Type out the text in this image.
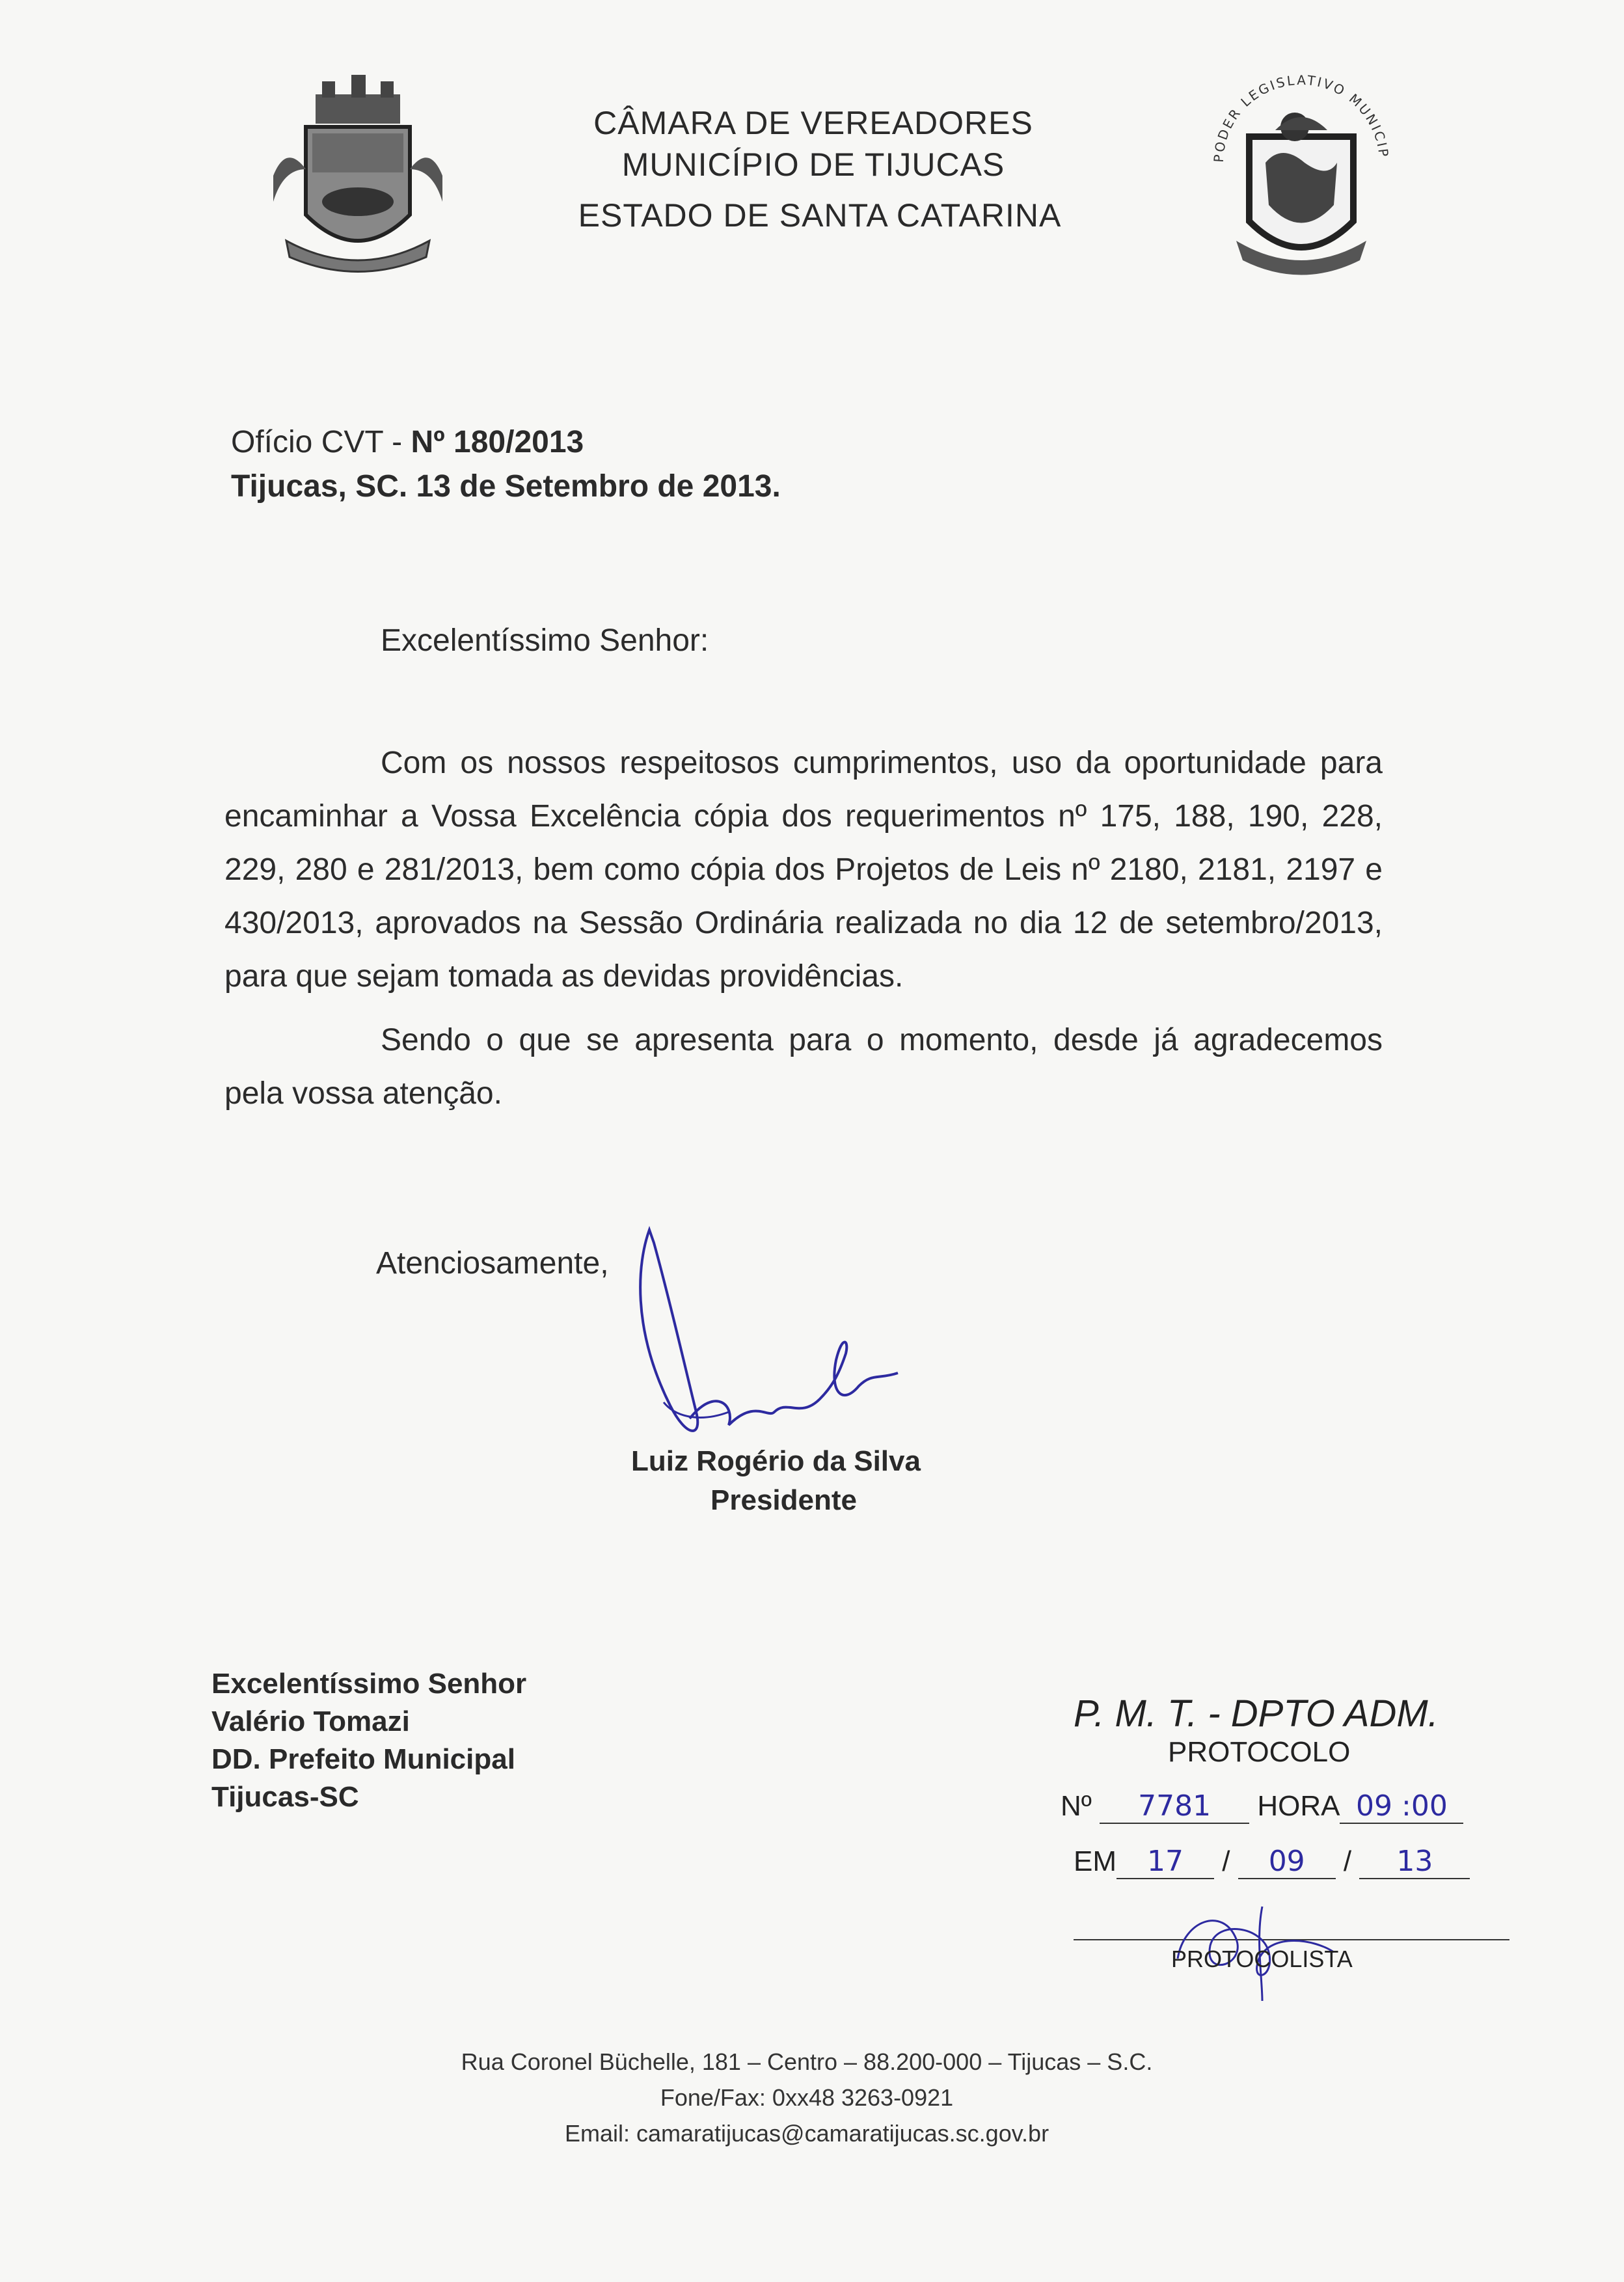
CÂMARA DE VEREADORES
MUNICÍPIO DE TIJUCAS
ESTADO DE SANTA CATARINA
PODER LEGISLATIVO MUNICIP
Ofício CVT - Nº 180/2013
Tijucas, SC. 13 de Setembro de 2013.
Excelentíssimo Senhor:
Com os nossos respeitosos cumprimentos, uso da oportunidade para encaminhar a Vossa Excelência cópia dos requerimentos nº 175, 188, 190, 228, 229, 280 e 281/2013, bem como cópia dos Projetos de Leis nº 2180, 2181, 2197 e 430/2013, aprovados na Sessão Ordinária realizada no dia 12 de setembro/2013, para que sejam tomada as devidas providências.
Sendo o que se apresenta para o momento, desde já agradecemos pela vossa atenção.
Atenciosamente,
Luiz Rogério da Silva
Presidente
Excelentíssimo Senhor
Valério Tomazi
DD. Prefeito Municipal
Tijucas-SC
P. M. T. - DPTO ADM.
PROTOCOLO
Nº 7781 HORA 09 :00
EM 17 / 09 / 13
PROTOCOLISTA
Rua Coronel Büchelle, 181 – Centro – 88.200-000 – Tijucas – S.C.
Fone/Fax: 0xx48 3263-0921
Email: camaratijucas@camaratijucas.sc.gov.br
